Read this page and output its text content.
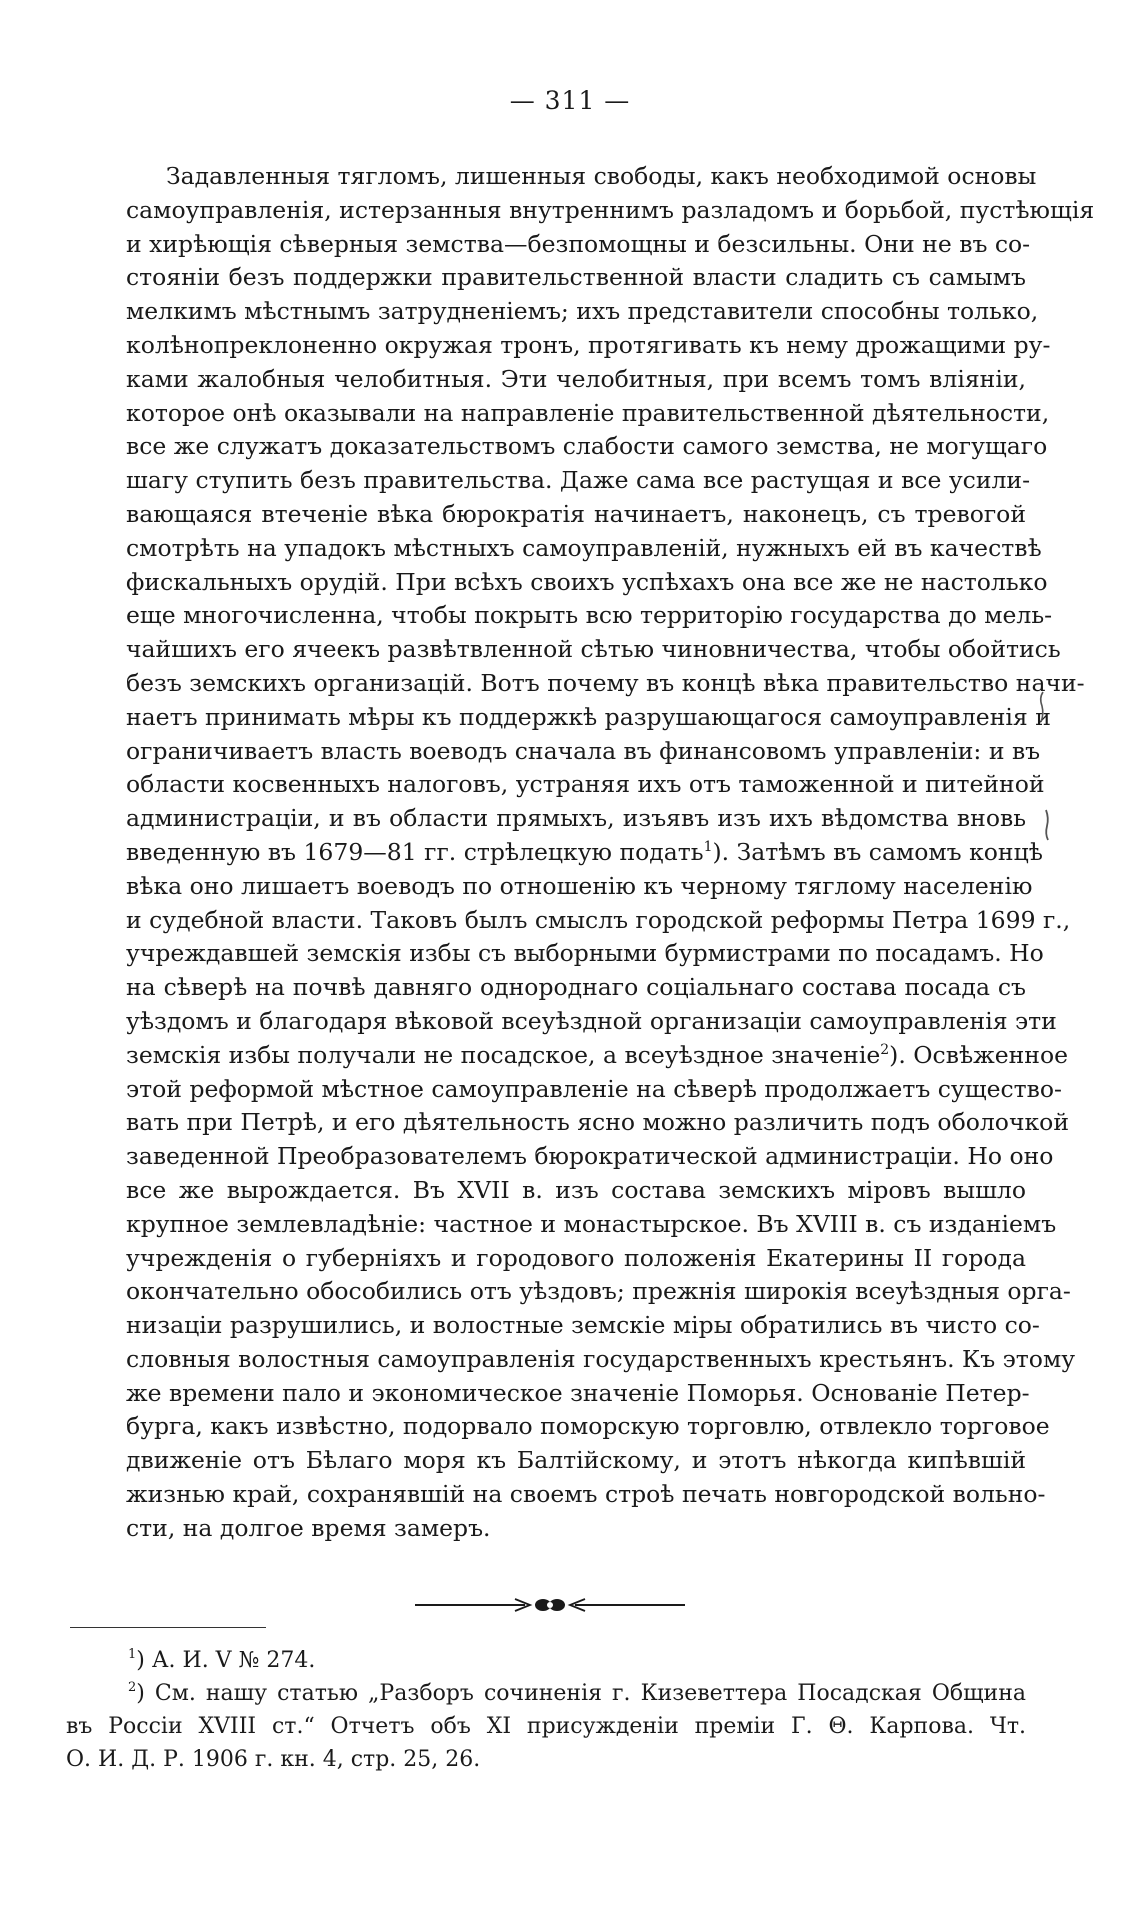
— 311 —
Задавленныя тягломъ, лишенныя свободы, какъ необходимой основы
самоуправленія, истерзанныя внутреннимъ разладомъ и борьбой, пустѣющія
и хирѣющія сѣверныя земства—безпомощны и безсильны. Они не въ со-
стояніи безъ поддержки правительственной власти сладить съ самымъ
мелкимъ мѣстнымъ затрудненіемъ; ихъ представители способны только,
колѣнопреклоненно окружая тронъ, протягивать къ нему дрожащими ру-
ками жалобныя челобитныя. Эти челобитныя, при всемъ томъ вліяніи,
которое онѣ оказывали на направленіе правительственной дѣятельности,
все же служатъ доказательствомъ слабости самого земства, не могущаго
шагу ступить безъ правительства. Даже сама все растущая и все усили-
вающаяся втеченіе вѣка бюрократія начинаетъ, наконецъ, съ тревогой
смотрѣть на упадокъ мѣстныхъ самоуправленій, нужныхъ ей въ качествѣ
фискальныхъ орудій. При всѣхъ своихъ успѣхахъ она все же не настолько
еще многочисленна, чтобы покрыть всю территорію государства до мель-
чайшихъ его ячеекъ развѣтвленной сѣтью чиновничества, чтобы обойтись
безъ земскихъ организацій. Вотъ почему въ концѣ вѣка правительство начи-
наетъ принимать мѣры къ поддержкѣ разрушающагося самоуправленія и
ограничиваетъ власть воеводъ сначала въ финансовомъ управленіи: и въ
области косвенныхъ налоговъ, устраняя ихъ отъ таможенной и питейной
администраціи, и въ области прямыхъ, изъявъ изъ ихъ вѣдомства вновь
введенную въ 1679—81 гг. стрѣлецкую подать$^1$). Затѣмъ въ самомъ концѣ
вѣка оно лишаетъ воеводъ по отношенію къ черному тяглому населенію
и судебной власти. Таковъ былъ смыслъ городской реформы Петра 1699 г.,
учреждавшей земскія избы съ выборными бурмистрами по посадамъ. Но
на сѣверѣ на почвѣ давняго однороднаго соціальнаго состава посада съ
уѣздомъ и благодаря вѣковой всеуѣздной организаціи самоуправленія эти
земскія избы получали не посадское, а всеуѣздное значеніе$^2$). Освѣженное
этой реформой мѣстное самоуправленіе на сѣверѣ продолжаетъ существо-
вать при Петрѣ, и его дѣятельность ясно можно различить подъ оболочкой
заведенной Преобразователемъ бюрократической администраціи. Но оно
все же вырождается. Въ XVII в. изъ состава земскихъ міровъ вышло
крупное землевладѣніе: частное и монастырское. Въ XVIII в. съ изданіемъ
учрежденія о губерніяхъ и городового положенія Екатерины II города
окончательно обособились отъ уѣздовъ; прежнія широкія всеуѣздныя орга-
низаціи разрушились, и волостные земскіе міры обратились въ чисто со-
словныя волостныя самоуправленія государственныхъ крестьянъ. Къ этому
же времени пало и экономическое значеніе Поморья. Основаніе Петер-
бурга, какъ извѣстно, подорвало поморскую торговлю, отвлекло торговое
движеніе отъ Бѣлаго моря къ Балтійскому, и этотъ нѣкогда кипѣвшій
жизнью край, сохранявшій на своемъ строѣ печать новгородской вольно-
сти, на долгое время замеръ.
$^1$) А. И. V № 274.
$^2$) См. нашу статью „Разборъ сочиненія г. Кизеветтера Посадская Община
въ Россіи XVIII ст.“ Отчетъ объ XI присужденіи преміи Г. Θ. Карпова. Чт.
О. И. Д. Р. 1906 г. кн. 4, стр. 25, 26.
